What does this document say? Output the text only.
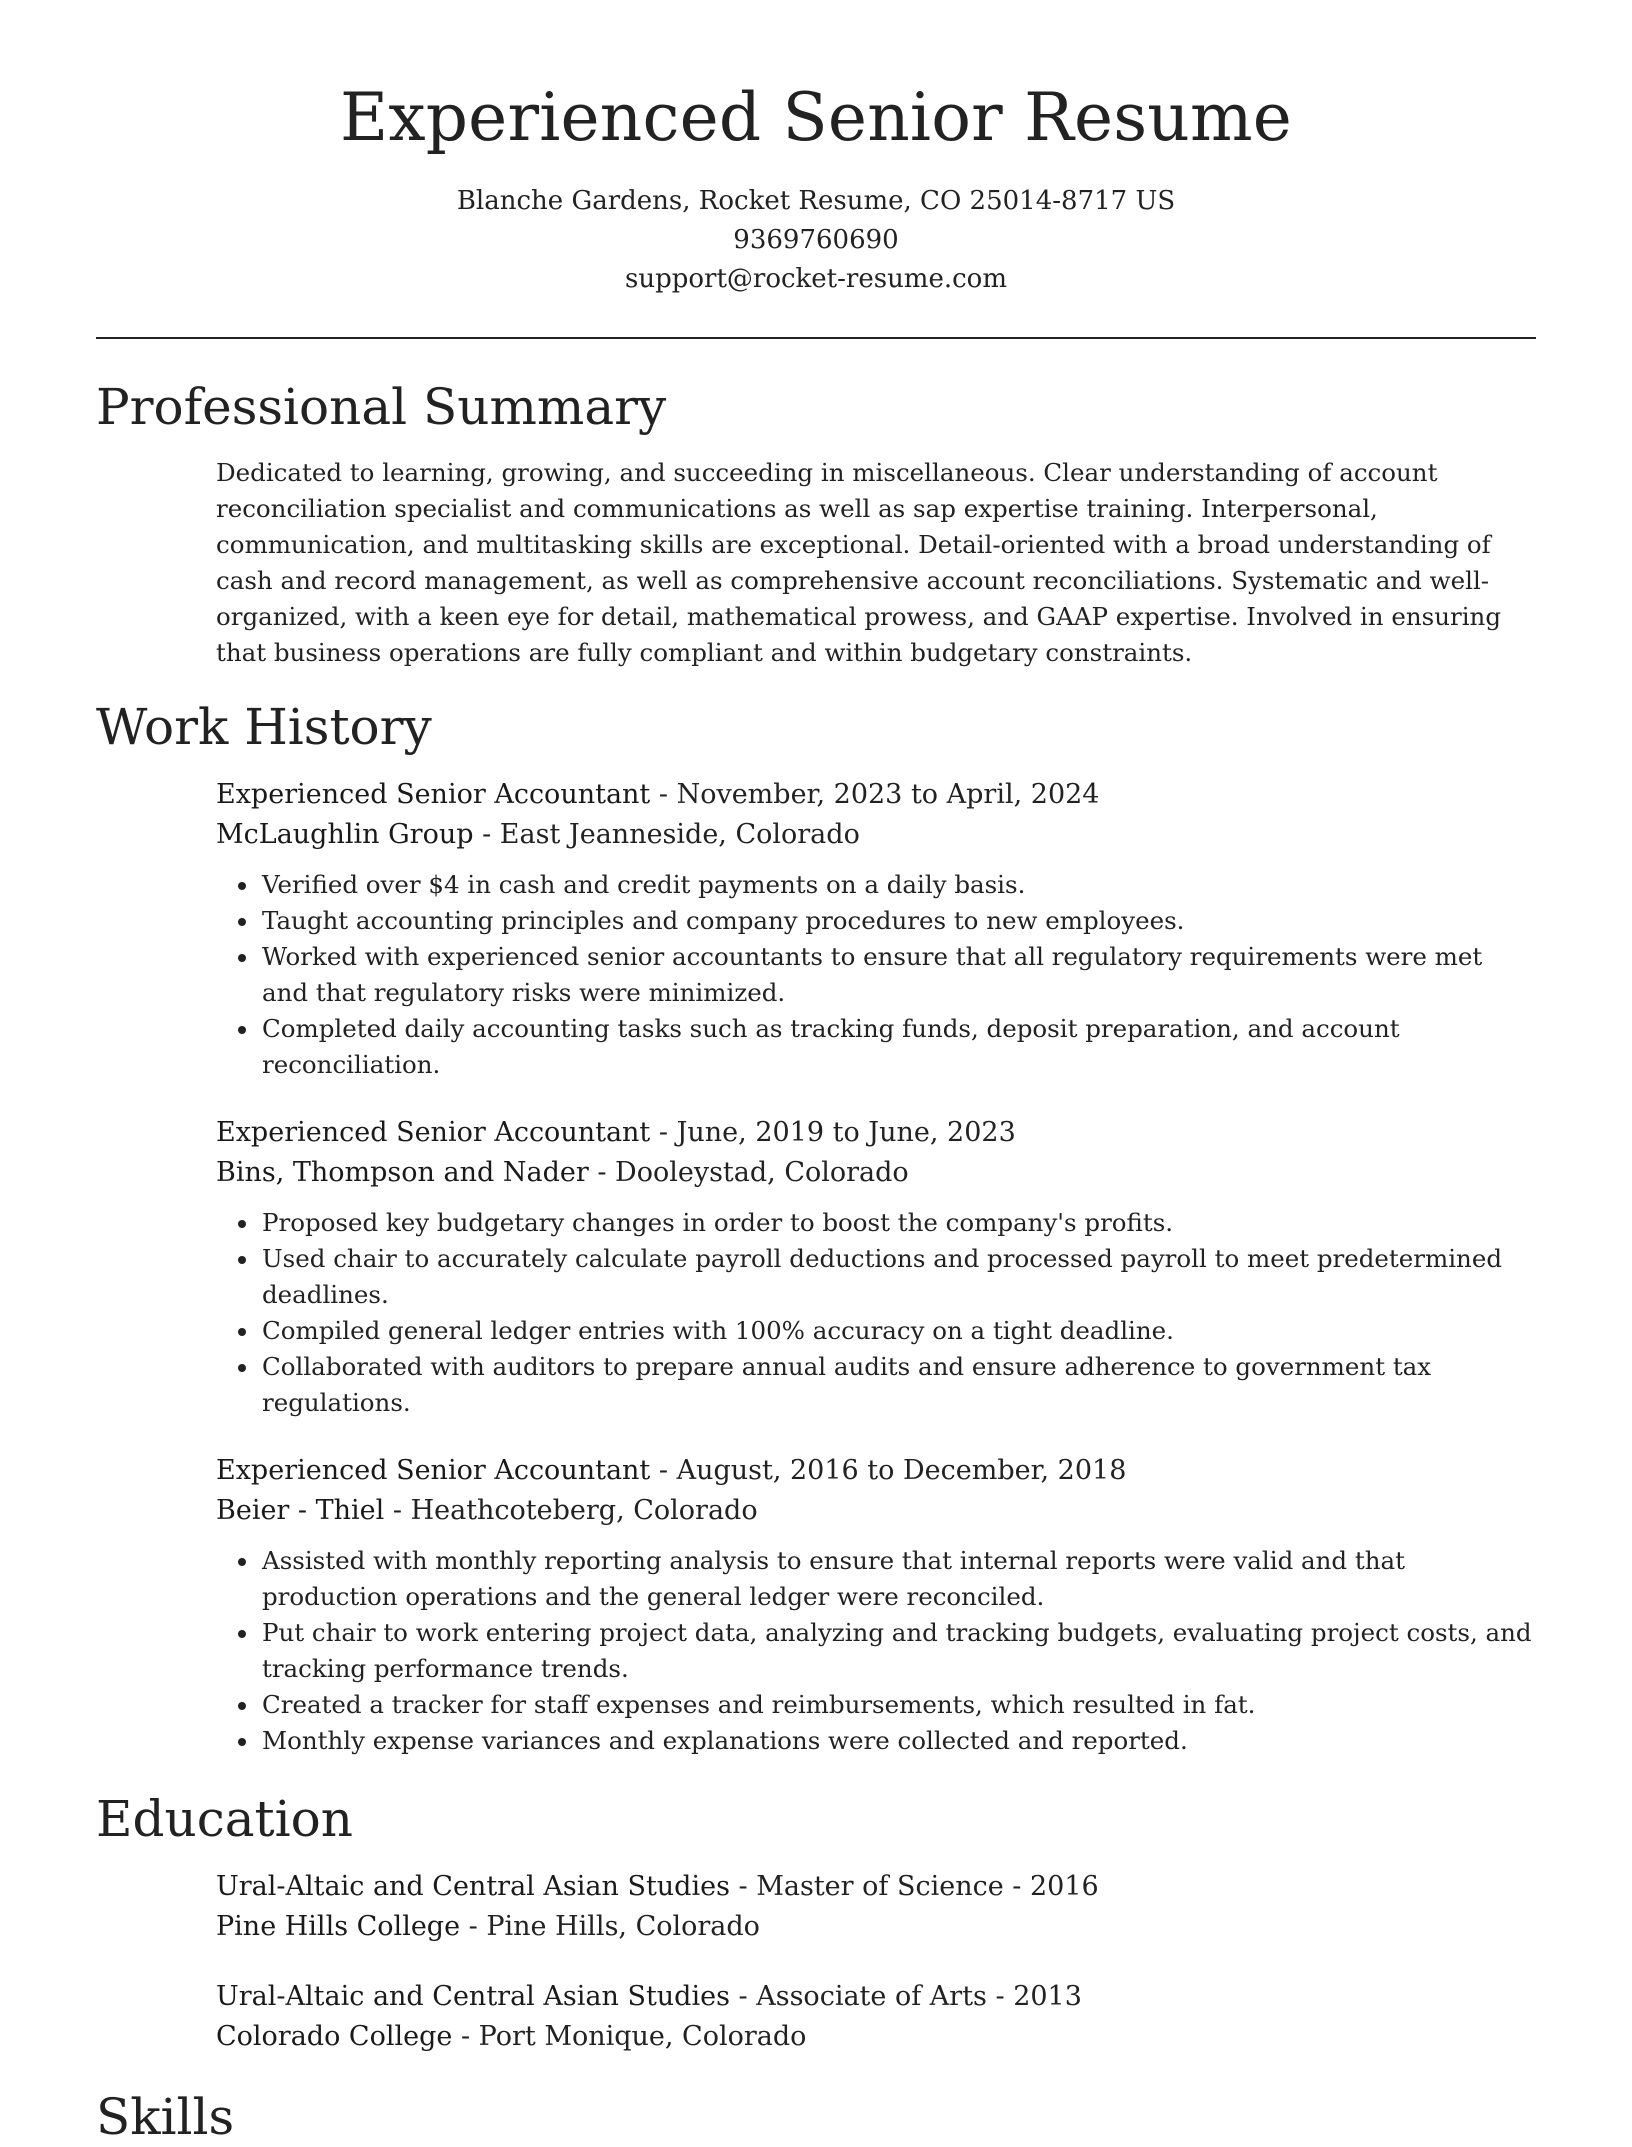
Experienced Senior Resume
Blanche Gardens, Rocket Resume, CO 25014-8717 US
9369760690
support@rocket-resume.com
Professional Summary

Dedicated to learning, growing, and succeeding in miscellaneous. Clear understanding of account reconciliation specialist and communications as well as sap expertise training. Interpersonal, communication, and multitasking skills are exceptional. Detail-oriented with a broad understanding of cash and record management, as well as comprehensive account reconciliations. Systematic and well-organized, with a keen eye for detail, mathematical prowess, and GAAP expertise. Involved in ensuring that business operations are fully compliant and within budgetary constraints.

Work History
Experienced Senior Accountant - November, 2023 to April, 2024
McLaughlin Group - East Jeanneside, Colorado
• Verified over $4 in cash and credit payments on a daily basis.
• Taught accounting principles and company procedures to new employees.
• Worked with experienced senior accountants to ensure that all regulatory requirements were met and that regulatory risks were minimized.
• Completed daily accounting tasks such as tracking funds, deposit preparation, and account reconciliation.
Experienced Senior Accountant - June, 2019 to June, 2023
Bins, Thompson and Nader - Dooleystad, Colorado
• Proposed key budgetary changes in order to boost the company's profits.
• Used chair to accurately calculate payroll deductions and processed payroll to meet predetermined deadlines.
• Compiled general ledger entries with 100% accuracy on a tight deadline.
• Collaborated with auditors to prepare annual audits and ensure adherence to government tax regulations.
Experienced Senior Accountant - August, 2016 to December, 2018
Beier - Thiel - Heathcoteberg, Colorado
• Assisted with monthly reporting analysis to ensure that internal reports were valid and that production operations and the general ledger were reconciled.
• Put chair to work entering project data, analyzing and tracking budgets, evaluating project costs, and tracking performance trends.
• Created a tracker for staff expenses and reimbursements, which resulted in fat.
• Monthly expense variances and explanations were collected and reported.
Education
Ural-Altaic and Central Asian Studies - Master of Science - 2016
Pine Hills College - Pine Hills, Colorado
Ural-Altaic and Central Asian Studies - Associate of Arts - 2013
Colorado College - Port Monique, Colorado
Skills
